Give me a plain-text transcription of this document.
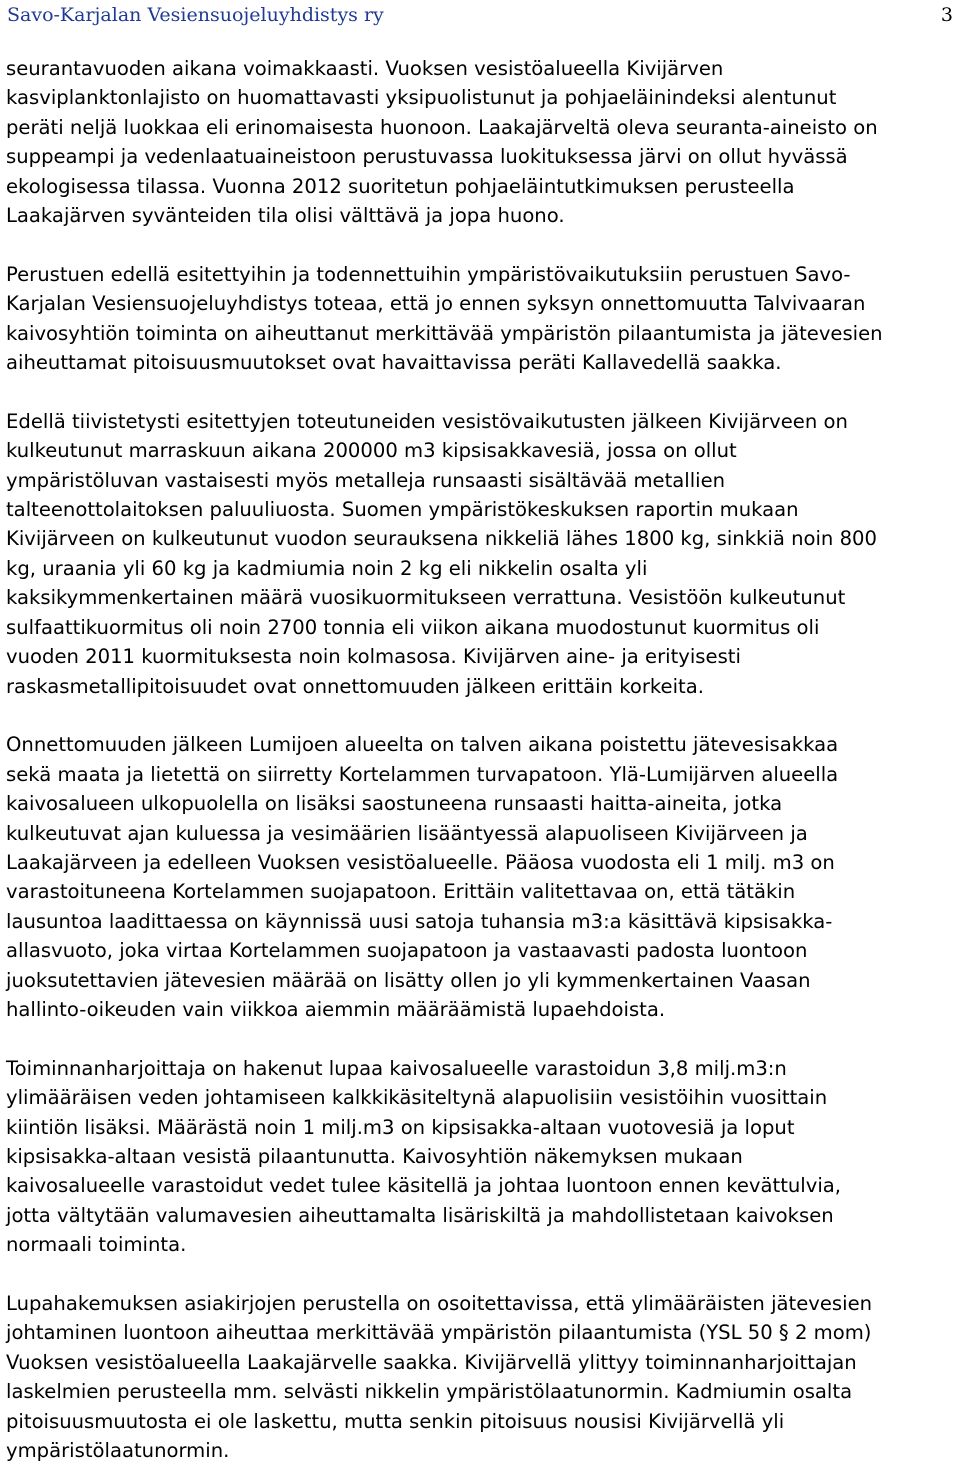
Savo-Karjalan Vesiensuojeluyhdistys ry	3

seurantavuoden aikana voimakkaasti. Vuoksen vesistöalueella Kivijärven
kasviplanktonlajisto on huomattavasti yksipuolistunut ja pohjaeläinindeksi alentunut
peräti neljä luokkaa eli erinomaisesta huonoon. Laakajärveltä oleva seuranta-aineisto on
suppeampi ja vedenlaatuaineistoon perustuvassa luokituksessa järvi on ollut hyvässä
ekologisessa tilassa. Vuonna 2012 suoritetun pohjaeläintutkimuksen perusteella
Laakajärven syvänteiden tila olisi välttävä ja jopa huono.

Perustuen edellä esitettyihin ja todennettuihin ympäristövaikutuksiin perustuen Savo-
Karjalan Vesiensuojeluyhdistys toteaa, että jo ennen syksyn onnettomuutta Talvivaaran
kaivosyhtiön toiminta on aiheuttanut merkittävää ympäristön pilaantumista ja jätevesien
aiheuttamat pitoisuusmuutokset ovat havaittavissa peräti Kallavedellä saakka.

Edellä tiivistetysti esitettyjen toteutuneiden vesistövaikutusten jälkeen Kivijärveen on
kulkeutunut marraskuun aikana 200000 m3 kipsisakkavesiä, jossa on ollut
ympäristöluvan vastaisesti myös metalleja runsaasti sisältävää metallien
talteenottolaitoksen paluuliuosta. Suomen ympäristökeskuksen raportin mukaan
Kivijärveen on kulkeutunut vuodon seurauksena nikkeliä lähes 1800 kg, sinkkiä noin 800
kg, uraania yli 60 kg ja kadmiumia noin 2 kg eli nikkelin osalta yli
kaksikymmenkertainen määrä vuosikuormitukseen verrattuna. Vesistöön kulkeutunut
sulfaattikuormitus oli noin 2700 tonnia eli viikon aikana muodostunut kuormitus oli
vuoden 2011 kuormituksesta noin kolmasosa. Kivijärven aine- ja erityisesti
raskasmetallipitoisuudet ovat onnettomuuden jälkeen erittäin korkeita.

Onnettomuuden jälkeen Lumijoen alueelta on talven aikana poistettu jätevesisakkaa
sekä maata ja lietettä on siirretty Kortelammen turvapatoon. Ylä-Lumijärven alueella
kaivosalueen ulkopuolella on lisäksi saostuneena runsaasti haitta-aineita, jotka
kulkeutuvat ajan kuluessa ja vesimäärien lisääntyessä alapuoliseen Kivijärveen ja
Laakajärveen ja edelleen Vuoksen vesistöalueelle. Pääosa vuodosta eli 1 milj. m3 on
varastoituneena Kortelammen suojapatoon. Erittäin valitettavaa on, että tätäkin
lausuntoa laadittaessa on käynnissä uusi satoja tuhansia m3:a käsittävä kipsisakka-
allasvuoto, joka virtaa Kortelammen suojapatoon ja vastaavasti padosta luontoon
juoksutettavien jätevesien määrää on lisätty ollen jo yli kymmenkertainen Vaasan
hallinto-oikeuden vain viikkoa aiemmin määräämistä lupaehdoista.

Toiminnanharjoittaja on hakenut lupaa kaivosalueelle varastoidun 3,8 milj.m3:n
ylimääräisen veden johtamiseen kalkkikäsiteltynä alapuolisiin vesistöihin vuosittain
kiintiön lisäksi. Määrästä noin 1 milj.m3 on kipsisakka-altaan vuotovesiä ja loput
kipsisakka-altaan vesistä pilaantunutta. Kaivosyhtiön näkemyksen mukaan
kaivosalueelle varastoidut vedet tulee käsitellä ja johtaa luontoon ennen kevättulvia,
jotta vältytään valumavesien aiheuttamalta lisäriskiltä ja mahdollistetaan kaivoksen
normaali toiminta.

Lupahakemuksen asiakirjojen perustella on osoitettavissa, että ylimääräisten jätevesien
johtaminen luontoon aiheuttaa merkittävää ympäristön pilaantumista (YSL 50 § 2 mom)
Vuoksen vesistöalueella Laakajärvelle saakka. Kivijärvellä ylittyy toiminnanharjoittajan
laskelmien perusteella mm. selvästi nikkelin ympäristölaatunormin. Kadmiumin osalta
pitoisuusmuutosta ei ole laskettu, mutta senkin pitoisuus nousisi Kivijärvellä yli
ympäristölaatunormin.
